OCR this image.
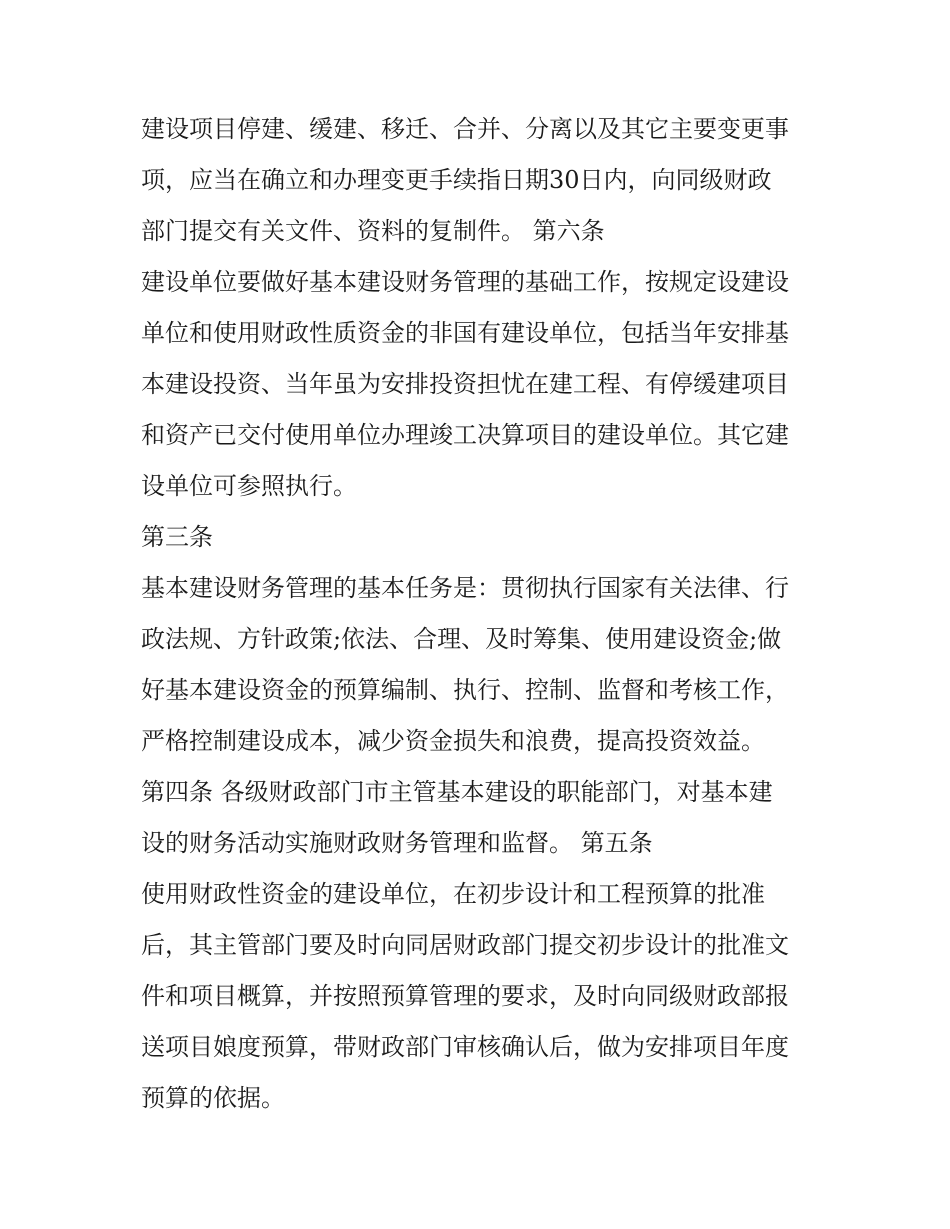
建设项目停建、缓建、移迁、合并、分离以及其它主要变更事
项，应当在确立和办理变更手续指日期30日内，向同级财政
部门提交有关文件、资料的复制件。 第六条
建设单位要做好基本建设财务管理的基础工作，按规定设建设
单位和使用财政性质资金的非国有建设单位，包括当年安排基
本建设投资、当年虽为安排投资担忧在建工程、有停缓建项目
和资产已交付使用单位办理竣工决算项目的建设单位。其它建
设单位可参照执行。
第三条
基本建设财务管理的基本任务是：贯彻执行国家有关法律、行
政法规、方针政策;依法、合理、及时筹集、使用建设资金;做
好基本建设资金的预算编制、执行、控制、监督和考核工作，
严格控制建设成本，减少资金损失和浪费，提高投资效益。
第四条 各级财政部门市主管基本建设的职能部门，对基本建
设的财务活动实施财政财务管理和监督。 第五条
使用财政性资金的建设单位，在初步设计和工程预算的批准
后，其主管部门要及时向同居财政部门提交初步设计的批准文
件和项目概算，并按照预算管理的要求，及时向同级财政部报
送项目娘度预算，带财政部门审核确认后，做为安排项目年度
预算的依据。
